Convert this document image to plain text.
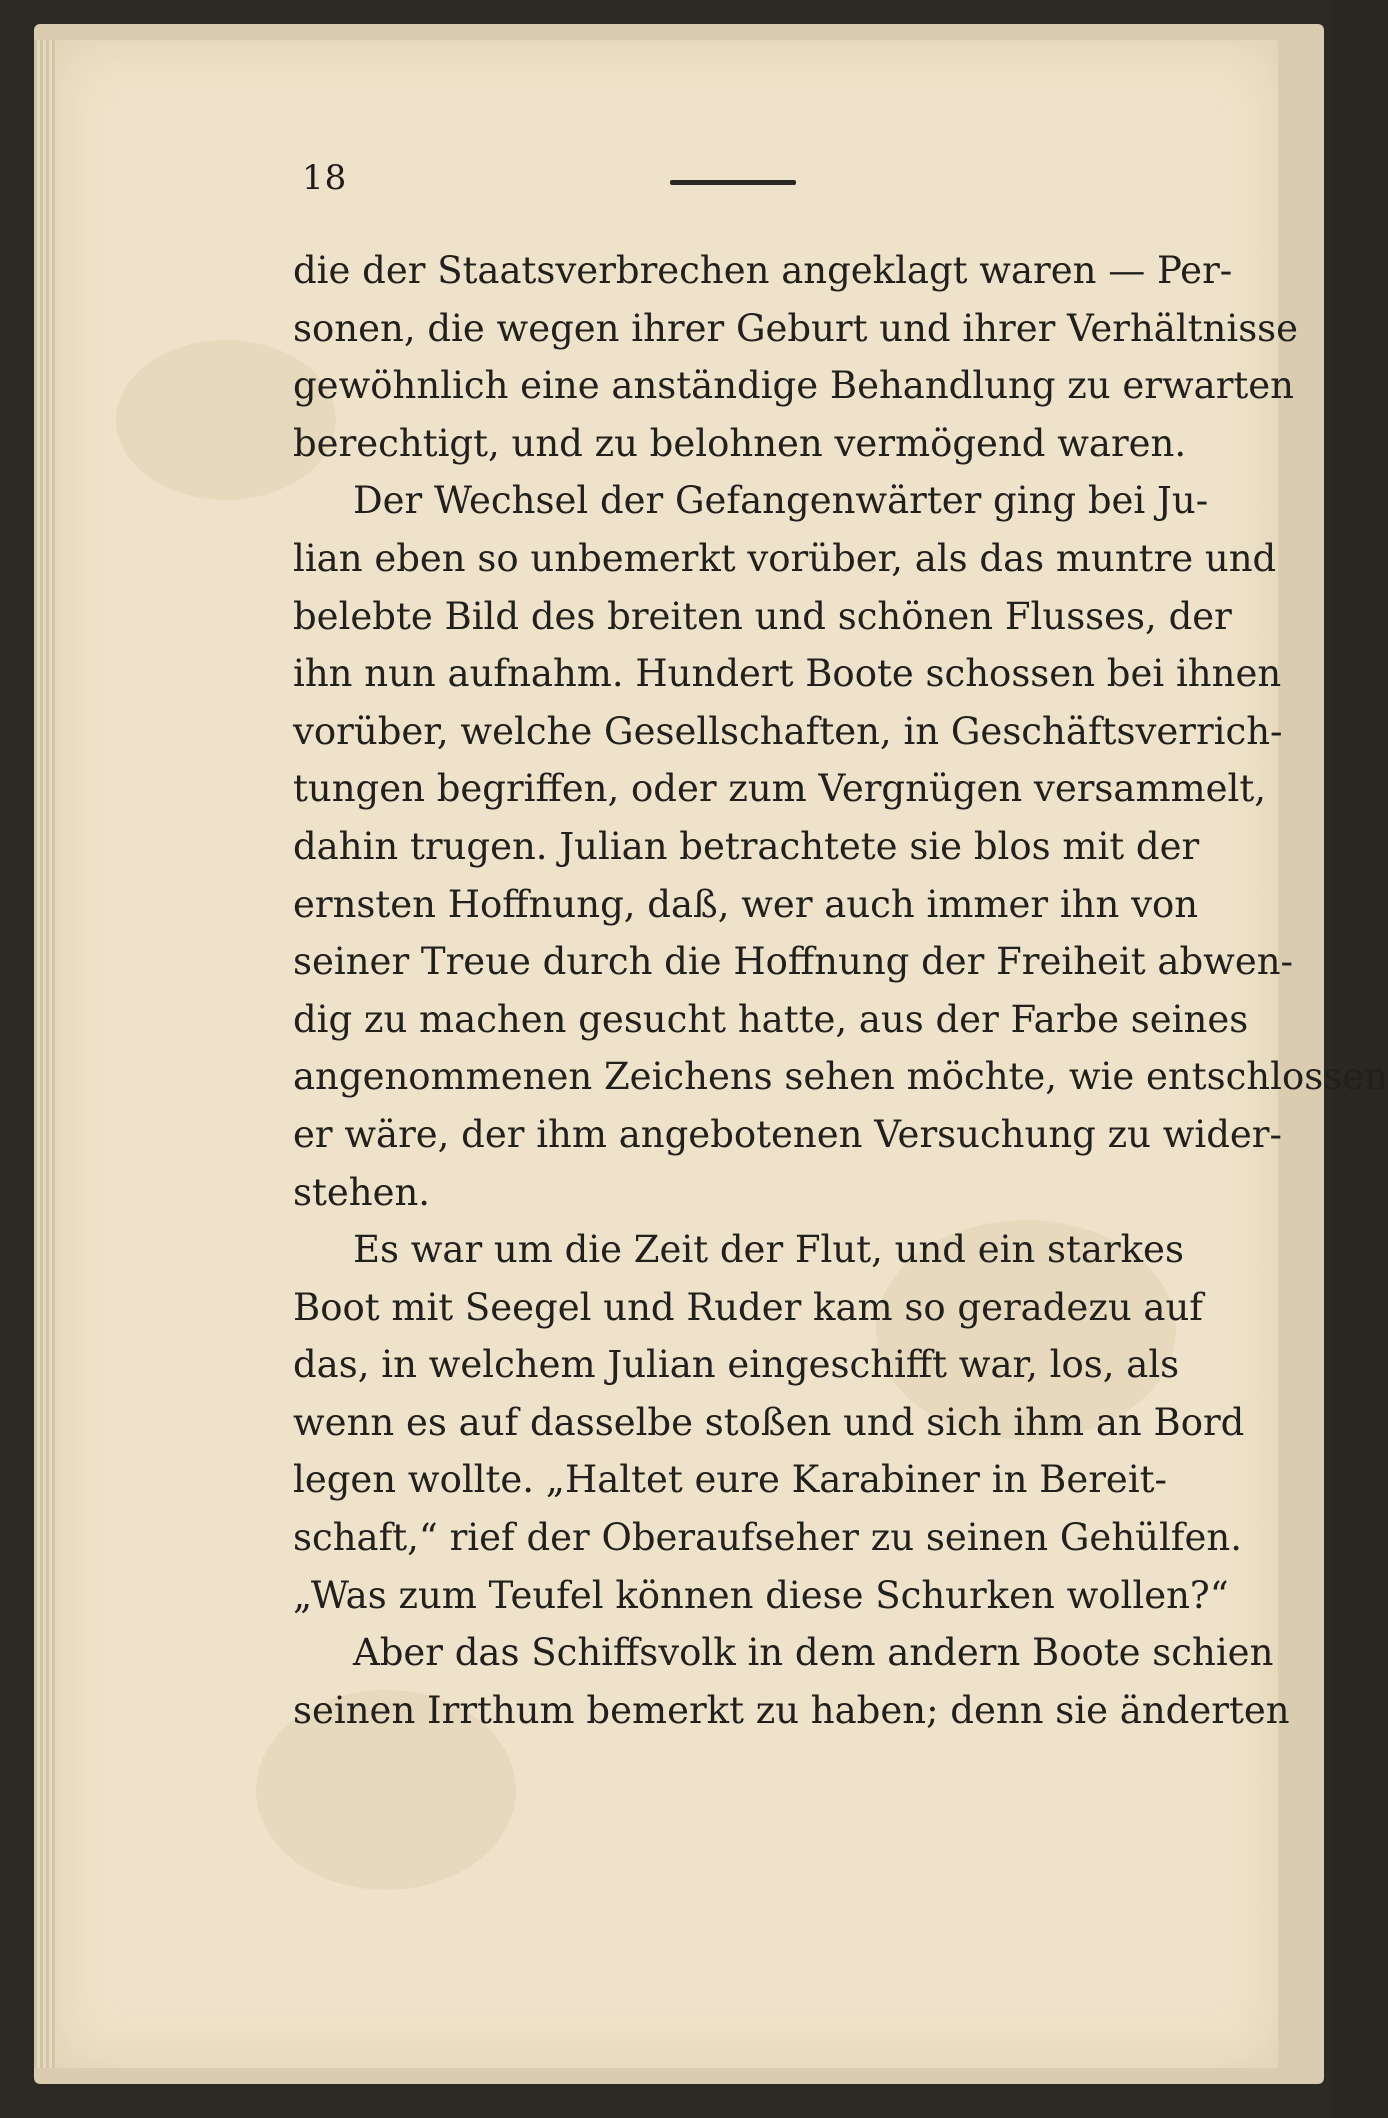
18
die der Staatsverbrechen angeklagt waren — Per-
sonen, die wegen ihrer Geburt und ihrer Verhältnisse
gewöhnlich eine anständige Behandlung zu erwarten
berechtigt, und zu belohnen vermögend waren.
Der Wechsel der Gefangenwärter ging bei Ju-
lian eben so unbemerkt vorüber, als das muntre und
belebte Bild des breiten und schönen Flusses, der
ihn nun aufnahm. Hundert Boote schossen bei ihnen
vorüber, welche Gesellschaften, in Geschäftsverrich-
tungen begriffen, oder zum Vergnügen versammelt,
dahin trugen. Julian betrachtete sie blos mit der
ernsten Hoffnung, daß, wer auch immer ihn von
seiner Treue durch die Hoffnung der Freiheit abwen-
dig zu machen gesucht hatte, aus der Farbe seines
angenommenen Zeichens sehen möchte, wie entschlossen
er wäre, der ihm angebotenen Versuchung zu wider-
stehen.
Es war um die Zeit der Flut, und ein starkes
Boot mit Seegel und Ruder kam so geradezu auf
das, in welchem Julian eingeschifft war, los, als
wenn es auf dasselbe stoßen und sich ihm an Bord
legen wollte. „Haltet eure Karabiner in Bereit-
schaft,“ rief der Oberaufseher zu seinen Gehülfen.
„Was zum Teufel können diese Schurken wollen?“
Aber das Schiffsvolk in dem andern Boote schien
seinen Irrthum bemerkt zu haben; denn sie änderten
